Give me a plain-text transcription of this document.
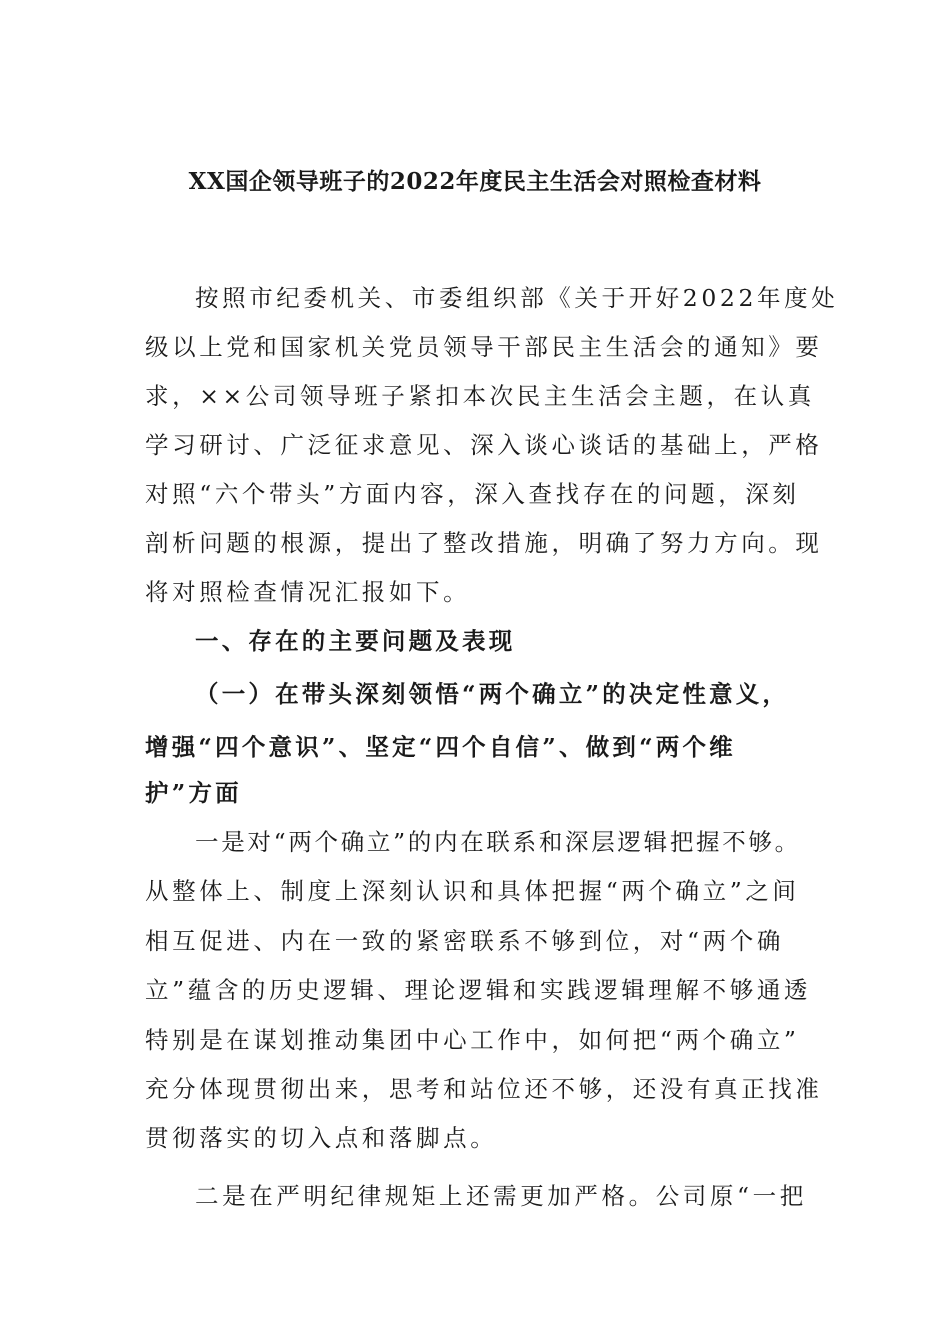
XX国企领导班子的2022年度民主生活会对照检查材料
按照市纪委机关、市委组织部《关于开好2022年度处
级以上党和国家机关党员领导干部民主生活会的通知》要
求，××公司领导班子紧扣本次民主生活会主题，在认真
学习研讨、广泛征求意见、深入谈心谈话的基础上，严格
对照“六个带头”方面内容，深入查找存在的问题，深刻
剖析问题的根源，提出了整改措施，明确了努力方向。现
将对照检查情况汇报如下。
一、存在的主要问题及表现
（一）在带头深刻领悟“两个确立”的决定性意义，
增强“四个意识”、坚定“四个自信”、做到“两个维
护”方面
一是对“两个确立”的内在联系和深层逻辑把握不够。
从整体上、制度上深刻认识和具体把握“两个确立”之间
相互促进、内在一致的紧密联系不够到位，对“两个确
立”蕴含的历史逻辑、理论逻辑和实践逻辑理解不够通透
特别是在谋划推动集团中心工作中，如何把“两个确立”
充分体现贯彻出来，思考和站位还不够，还没有真正找准
贯彻落实的切入点和落脚点。
二是在严明纪律规矩上还需更加严格。公司原“一把
